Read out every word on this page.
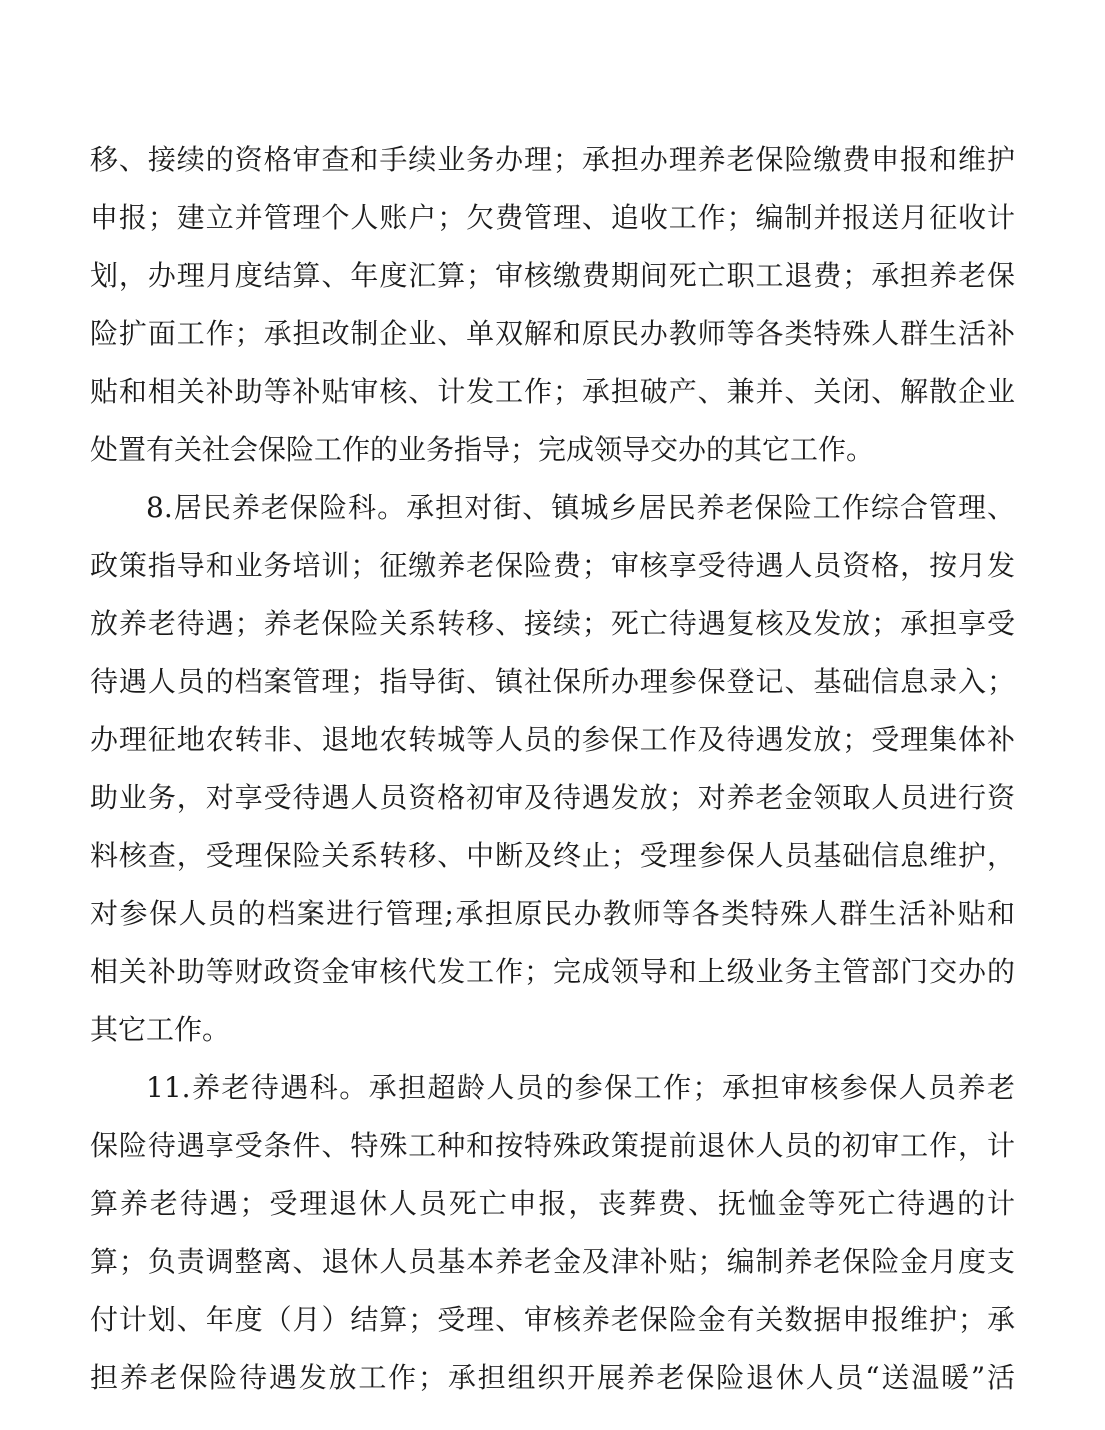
移、接续的资格审查和手续业务办理；承担办理养老保险缴费申报和维护
申报；建立并管理个人账户；欠费管理、追收工作；编制并报送月征收计
划，办理月度结算、年度汇算；审核缴费期间死亡职工退费；承担养老保
险扩面工作；承担改制企业、单双解和原民办教师等各类特殊人群生活补
贴和相关补助等补贴审核、计发工作；承担破产、兼并、关闭、解散企业
处置有关社会保险工作的业务指导；完成领导交办的其它工作。
8.居民养老保险科。承担对街、镇城乡居民养老保险工作综合管理、
政策指导和业务培训；征缴养老保险费；审核享受待遇人员资格，按月发
放养老待遇；养老保险关系转移、接续；死亡待遇复核及发放；承担享受
待遇人员的档案管理；指导街、镇社保所办理参保登记、基础信息录入；
办理征地农转非、退地农转城等人员的参保工作及待遇发放；受理集体补
助业务，对享受待遇人员资格初审及待遇发放；对养老金领取人员进行资
料核查，受理保险关系转移、中断及终止；受理参保人员基础信息维护，
对参保人员的档案进行管理;承担原民办教师等各类特殊人群生活补贴和
相关补助等财政资金审核代发工作；完成领导和上级业务主管部门交办的
其它工作。
11.养老待遇科。承担超龄人员的参保工作；承担审核参保人员养老
保险待遇享受条件、特殊工种和按特殊政策提前退休人员的初审工作，计
算养老待遇；受理退休人员死亡申报，丧葬费、抚恤金等死亡待遇的计
算；负责调整离、退休人员基本养老金及津补贴；编制养老保险金月度支
付计划、年度（月）结算；受理、审核养老保险金有关数据申报维护；承
担养老保险待遇发放工作；承担组织开展养老保险退休人员“送温暖”活
